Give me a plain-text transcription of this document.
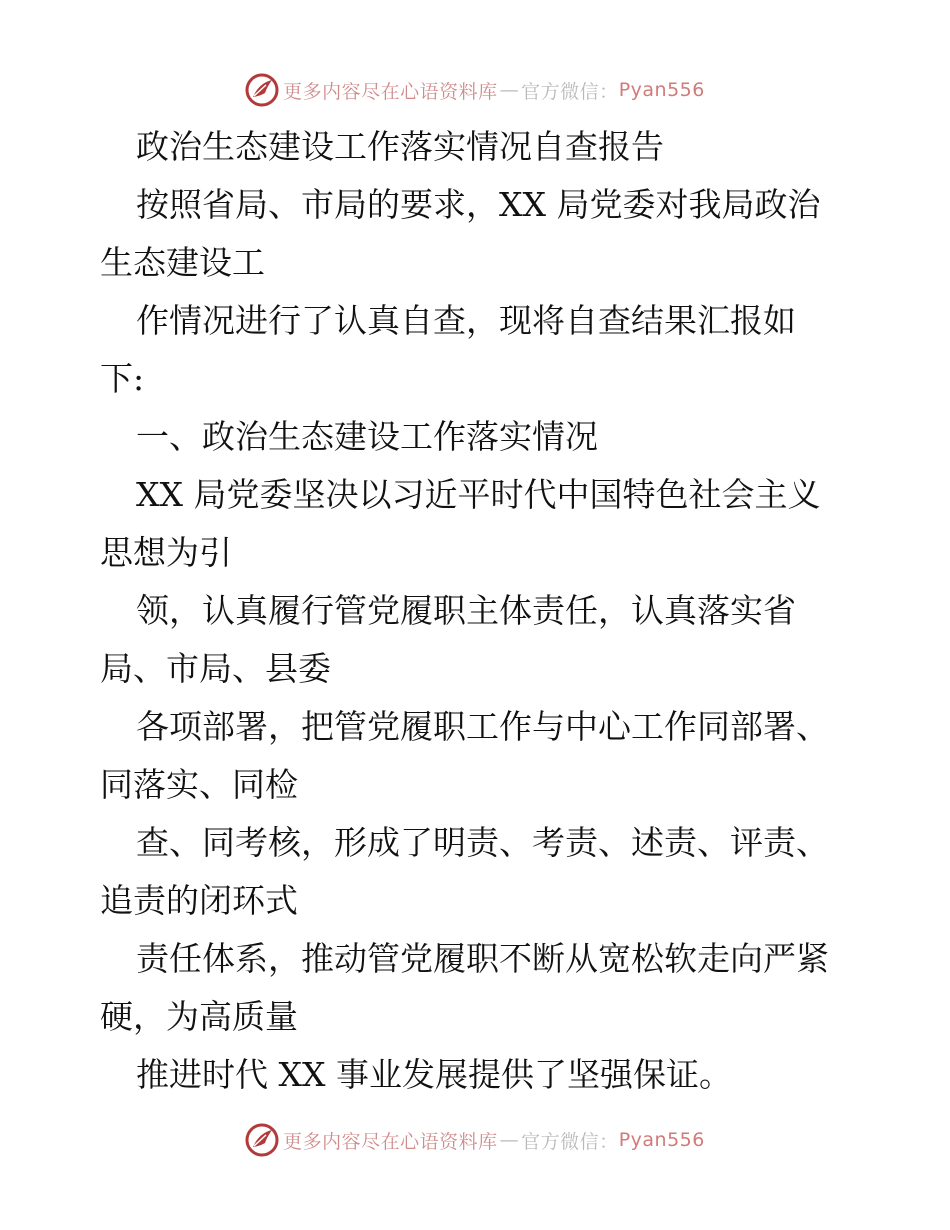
更多内容尽在心语资料库 — 官方微信： Pyan556
政治生态建设工作落实情况自查报告
按照省局、市局的要求，XX 局党委对我局政治
生态建设工
作情况进行了认真自查，现将自查结果汇报如
下:
一、政治生态建设工作落实情况
XX 局党委坚决以习近平时代中国特色社会主义
思想为引
领，认真履行管党履职主体责任，认真落实省
局、市局、县委
各项部署，把管党履职工作与中心工作同部署、
同落实、同检
查、同考核，形成了明责、考责、述责、评责、
追责的闭环式
责任体系，推动管党履职不断从宽松软走向严紧
硬，为高质量
推进时代 XX 事业发展提供了坚强保证。
更多内容尽在心语资料库 — 官方微信： Pyan556
